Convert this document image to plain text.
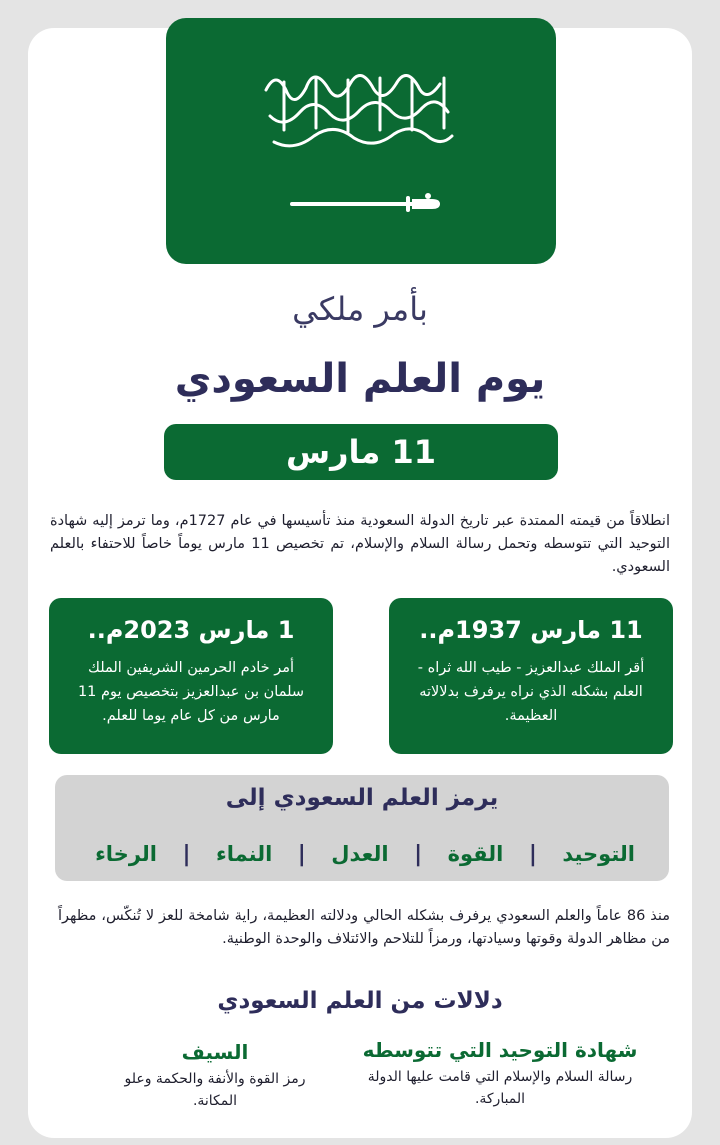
بأمر ملكي
يوم العلم السعودي
11 مارس

انطلاقاً من قيمته الممتدة عبر تاريخ الدولة السعودية منذ تأسيسها في عام 1727م، وما ترمز إليه شهادة التوحيد التي تتوسطه وتحمل رسالة السلام والإسلام، تم تخصيص 11 مارس يوماً خاصاً للاحتفاء بالعلم السعودي.

11 مارس 1937م..
أقر الملك عبدالعزيز - طيب الله ثراه - العلم بشكله الذي نراه يرفرف بدلالاته العظيمة.
1 مارس 2023م..
أمر خادم الحرمين الشريفين الملك سلمان بن عبدالعزيز بتخصيص يوم 11 مارس من كل عام يوما للعلم.
يرمز العلم السعودي إلى
التوحيد
|
القوة
|
العدل
|
النماء
|
الرخاء

منذ 86 عاماً والعلم السعودي يرفرف بشكله الحالي ودلالته العظيمة، راية شامخة للعز لا تُنكّس، مظهراً من مظاهر الدولة وقوتها وسيادتها، ورمزاً للتلاحم والائتلاف والوحدة الوطنية.

دلالات من العلم السعودي
شهادة التوحيد التي تتوسطه
رسالة السلام والإسلام التي قامت عليها الدولة المباركة.
السيف
رمز القوة والأنفة والحكمة وعلو المكانة.
